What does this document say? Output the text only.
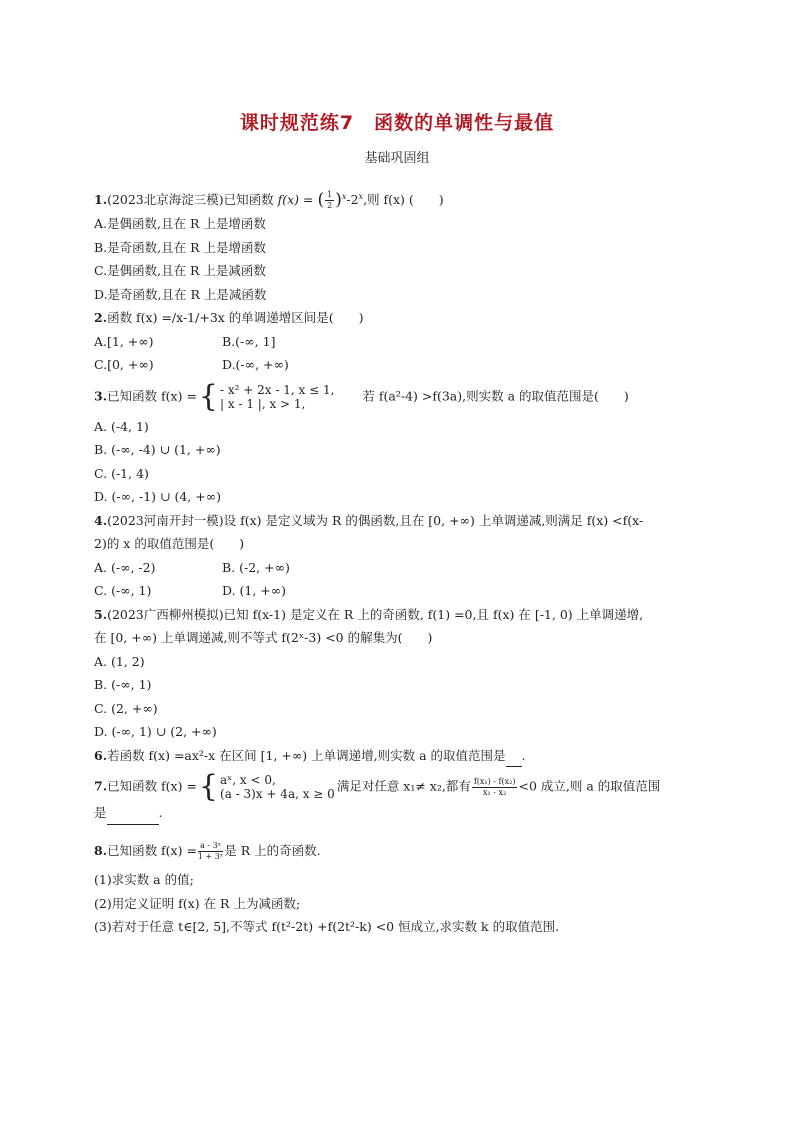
课时规范练7　函数的单调性与最值
基础巩固组
1.(2023北京海淀三模)已知函数 f(x) = ( $\frac{1}{2} )^x-2^x$,则 f(x) (　　)
A.是偶函数,且在 R 上是增函数
B.是奇函数,且在 R 上是增函数
C.是偶函数,且在 R 上是减函数
D.是奇函数,且在 R 上是减函数
2.函数 f(x) =/x-1/+3x 的单调递增区间是(　　)
A.[1, +∞)	B.(-∞, 1]
C.[0, +∞)	D.(-∞, +∞)
3.已知函数 f(x) = { - x² + 2x - 1, x ≤ 1,
| x - 1 |, x > 1,
若 f(a²-4) >f(3a),则实数 a 的取值范围是(　　)
A. (-4, 1)
B. (-∞, -4) ∪ (1, +∞)
C. (-1, 4)
D. (-∞, -1) ∪ (4, +∞)
4.(2023河南开封一模)设 f(x) 是定义域为 R 的偶函数,且在 [0, +∞) 上单调递减,则满足 f(x) <f(x-
2)的 x 的取值范围是(　　)
A. (-∞, -2)	B. (-2, +∞)
C. (-∞, 1)	D. (1, +∞)
5.(2023广西柳州模拟)已知 f(x-1) 是定义在 R 上的奇函数, f(1) =0,且 f(x) 在 [-1, 0) 上单调递增,
在 [0, +∞) 上单调递减,则不等式 f(2ˣ-3) <0 的解集为(　　)
A. (1, 2)
B. (-∞, 1)
C. (2, +∞)
D. (-∞, 1) ∪ (2, +∞)
6.若函数 f(x) =ax²-x 在区间 [1, +∞) 上单调递增,则实数 a 的取值范围是 .
7.已知函数 f(x) = { aˣ, x < 0,
(a - 3)x + 4a, x ≥ 0
满足对任意 x₁≠ x₂,都有 $\frac{\text{f(x₁) - f(x₂)}}{\text{x₁ - x₂}} <0$ 成立,则 a 的取值范围
是	.
8.已知函数 $f(x) = \frac{\text{a - 3ˣ}}{\text{1 + 3ˣ}}$ 是 R 上的奇函数.
(1)求实数 a 的值;
(2)用定义证明 f(x) 在 R 上为减函数;
(3)若对于任意 t∈[2, 5],不等式 f(t²-2t) +f(2t²-k) <0 恒成立,求实数 k 的取值范围.
